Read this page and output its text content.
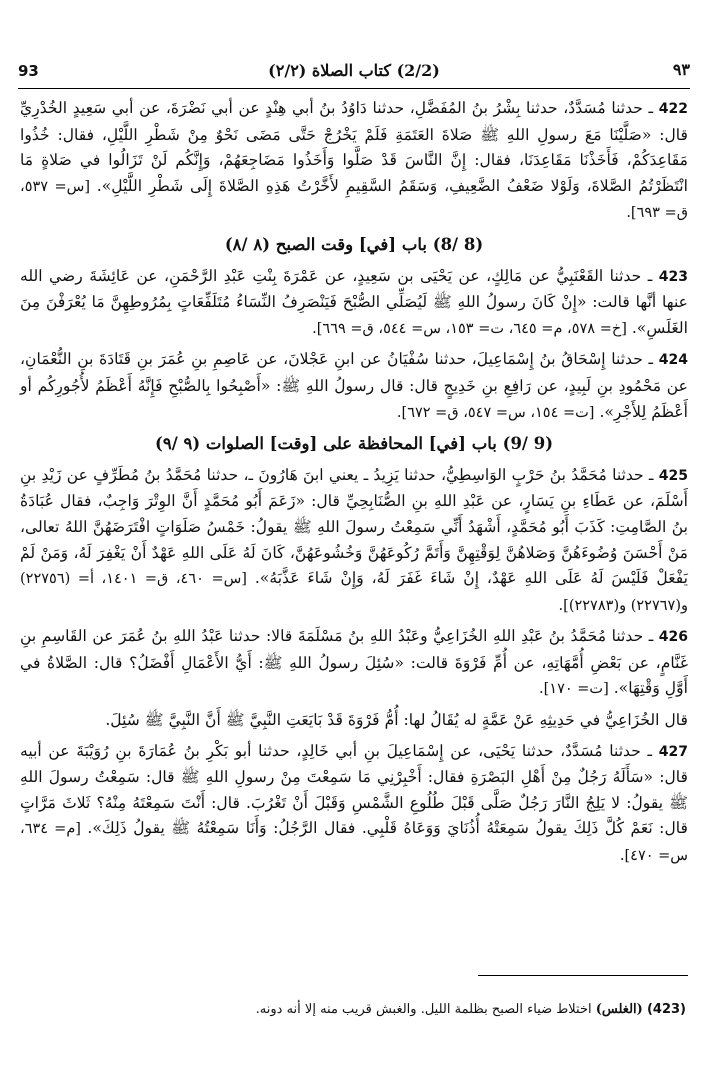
93	(2/2) كتاب الصلاة (٢/٢)	٩٣

422 ـ حدثنا مُسَدَّدٌ، حدثنا بِشْرُ بنُ المُفَضَّلِ، حدثنا دَاوُدُ بنُ أبي هِنْدٍ عن أبي نَضْرَةَ، عن أبي سَعِيدٍ الخُدْرِيِّ قال: «صَلَّيْنَا مَعَ رسولِ اللهِ ﷺ صَلاةَ العَتَمَةِ فَلَمْ يَخْرُجْ حَتَّى مَضَى نَحْوٌ مِنْ شَطْرِ اللَّيْلِ، فقال: خُذُوا مَقَاعِدَكُمْ، فَأَخَذْنَا مَقَاعِدَنَا، فقال: إِنَّ النَّاسَ قَدْ صَلَّوا وَأَخَذُوا مَضَاجِعَهُمْ، وَإِنَّكُم لَنْ تَزَالُوا في صَلاةٍ مَا انْتَظَرْتُمُ الصَّلاةَ، وَلَوْلا ضَعْفُ الضَّعِيفِ، وَسَقَمُ السَّقِيمِ لأَخَّرْتُ هَذِهِ الصَّلاةَ إِلَى شَطْرِ اللَّيْلِ». [س= ٥٣٧، ق= ٦٩٣].

(8 /8) باب [في] وقت الصبح (٨ /٨)

423 ـ حدثنا القَعْنَبِيُّ عن مَالِكٍ، عن يَحْيَى بن سَعِيدٍ، عن عَمْرَةَ بِنْتِ عَبْدِ الرَّحْمَنِ، عن عَائِشَةَ رضي الله عنها أنَّها قالت: «إِنْ كَانَ رسولُ اللهِ ﷺ لَيُصَلِّي الصُّبْحَ فَيَنْصَرِفُ النِّسَاءُ مُتَلَفِّعَاتٍ بِمُرُوطِهِنَّ مَا يُعْرَفْنَ مِنَ الغَلَسِ». [خ= ٥٧٨، م= ٦٤٥، ت= ١٥٣، س= ٥٤٤، ق= ٦٦٩].

424 ـ حدثنا إِسْحَاقُ بنُ إِسْمَاعِيلَ، حدثنا سُفْيَانُ عن ابنِ عَجْلانَ، عن عَاصِمِ بنِ عُمَرَ بنِ قَتَادَةَ بنِ النُّعْمَانِ، عن مَحْمُودِ بنِ لَبِيدٍ، عن رَافِعِ بنِ خَدِيجٍ قال: قال رسولُ اللهِ ﷺ: «أَصْبِحُوا بِالصُّبْحِ فَإِنَّهُ أَعْظَمُ لأُجُورِكُم أو أَعْظَمُ لِلأَجْرِ». [ت= ١٥٤، س= ٥٤٧، ق= ٦٧٢].

(9 /9) باب [في] المحافظة على [وقت] الصلوات (٩ /٩)

425 ـ حدثنا مُحَمَّدُ بنُ حَرْبٍ الوَاسِطِيُّ، حدثنا يَزِيدُ ـ يعني ابنَ هَارُونَ ـ، حدثنا مُحَمَّدُ بنُ مُطَرِّفٍ عن زَيْدِ بنِ أَسْلَمَ، عن عَطَاءِ بنِ يَسَارٍ، عن عَبْدِ اللهِ بنِ الصُّنَابِحِيِّ قال: «زَعَمَ أَبُو مُحَمَّدٍ أَنَّ الوِتْرَ وَاجِبٌ، فقال عُبَادَةُ بنُ الصَّامِتِ: كَذَبَ أَبُو مُحَمَّدٍ، أَشْهَدُ أَنِّي سَمِعْتُ رسولَ اللهِ ﷺ يقولُ: خَمْسُ صَلَوَاتٍ افْتَرَضَهُنَّ اللهُ تعالى، مَنْ أَحْسَنَ وُضُوءَهُنَّ وَصَلاهُنَّ لِوَقْتِهِنَّ وَأَتَمَّ رُكُوعَهُنَّ وَخُشُوعَهُنَّ، كَانَ لَهُ عَلَى اللهِ عَهْدٌ أَنْ يَغْفِرَ لَهُ، وَمَنْ لَمْ يَفْعَلْ فَلَيْسَ لَهُ عَلَى اللهِ عَهْدٌ، إِنْ شَاءَ غَفَرَ لَهُ، وَإِنْ شَاءَ عَذَّبَهُ». [س= ٤٦٠، ق= ١٤٠١، أ= (٢٢٧٥٦) و(٢٢٧٦٧) و(٢٢٧٨٣)].

426 ـ حدثنا مُحَمَّدُ بنُ عَبْدِ اللهِ الخُزَاعِيُّ وعَبْدُ اللهِ بنُ مَسْلَمَةَ قالا: حدثنا عَبْدُ اللهِ بنُ عُمَرَ عن القَاسِمِ بنِ غَنَّامٍ، عن بَعْضِ أُمَّهَاتِهِ، عن أُمِّ فَرْوَةَ قالت: «سُئِلَ رسولُ اللهِ ﷺ: أَيُّ الأَعْمَالِ أَفْضَلُ؟ قال: الصَّلاةُ في أَوَّلِ وَقْتِهَا». [ت= ١٧٠].

قال الخُزَاعِيُّ في حَدِيثِهِ عَنْ عَمَّةٍ له يُقَالُ لها: أُمُّ فَرْوَةَ قَدْ بَايَعَتِ النَّبِيَّ ﷺ أَنَّ النَّبِيَّ ﷺ سُئِلَ.

427 ـ حدثنا مُسَدَّدٌ، حدثنا يَحْيَى، عن إِسْمَاعِيلَ بنِ أبي خَالِدٍ، حدثنا أبو بَكْرِ بنُ عُمَارَةَ بنِ رُوَيْبَةَ عن أبيه قال: «سَأَلَهُ رَجُلٌ مِنْ أَهْلِ البَصْرَةِ فقال: أَخْبِرْنِي مَا سَمِعْتَ مِنْ رسولِ اللهِ ﷺ قال: سَمِعْتُ رسولَ اللهِ ﷺ يقولُ: لا يَلِجُ النَّارَ رَجُلٌ صَلَّى قَبْلَ طُلُوعِ الشَّمْسِ وَقَبْلَ أَنْ تَغْرُبَ. قال: أَنْتَ سَمِعْتَهُ مِنْهُ؟ ثَلاثَ مَرَّاتٍ قال: نَعَمْ كُلَّ ذَلِكَ يقولُ سَمِعَتْهُ أُذُنَايَ وَوَعَاهُ قَلْبِي. فقال الرَّجُلُ: وَأَنَا سَمِعْتُهُ ﷺ يقولُ ذَلِكَ». [م= ٦٣٤، س= ٤٧٠].

(423) (الغلس) اختلاط ضياء الصبح بظلمة الليل. والغبش قريب منه إلا أنه دونه.
